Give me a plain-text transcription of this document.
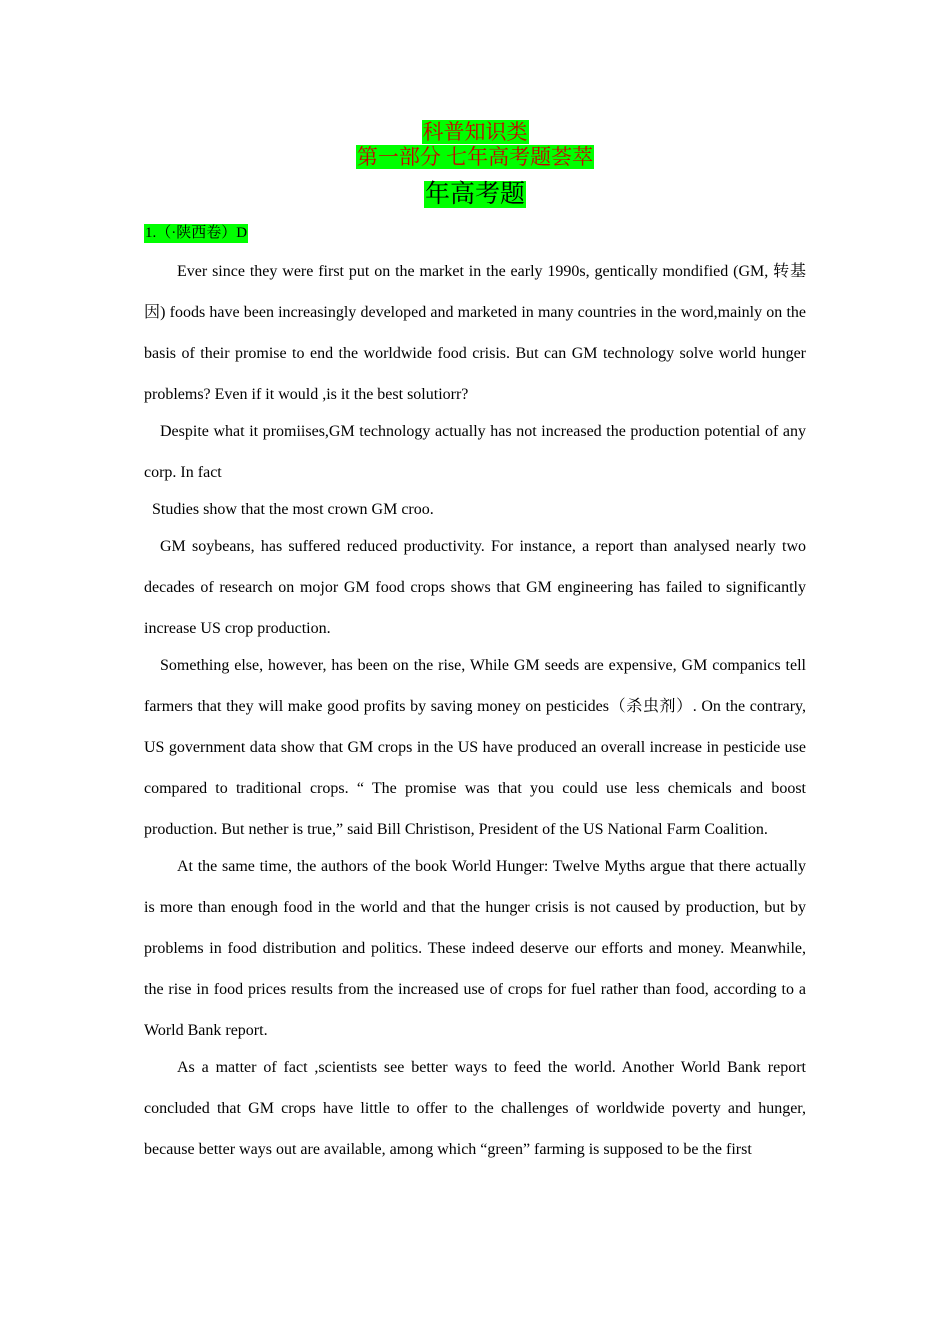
科普知识类
第一部分 七年高考题荟萃
年高考题
1.（·陕西卷）D

Ever since they were first put on the market in the early 1990s, gentically mondified (GM, 转基因) foods have been increasingly developed and marketed in many countries in the word,mainly on the basis of their promise to end the worldwide food crisis. But can GM technology solve world hunger problems? Even if it would ,is it the best solutiorr?

Despite what it promiises,GM technology actually has not increased the production potential of any corp. In fact

Studies show that the most crown GM croo.

GM soybeans, has suffered reduced productivity. For instance, a report than analysed nearly two decades of research on mojor GM food crops shows that GM engineering has failed to significantly increase US crop production.

Something else, however, has been on the rise, While GM seeds are expensive, GM companics tell farmers that they will make good profits by saving money on pesticides（杀虫剂）. On the contrary, US government data show that GM crops in the US have produced an overall increase in pesticide use compared to traditional crops. “ The promise was that you could use less chemicals and boost production. But nether is true,” said Bill Christison, President of the US National Farm Coalition.

At the same time, the authors of the book World Hunger: Twelve Myths argue that there actually is more than enough food in the world and that the hunger crisis is not caused by production, but by problems in food distribution and politics. These indeed deserve our efforts and money. Meanwhile, the rise in food prices results from the increased use of crops for fuel rather than food, according to a World Bank report.

As a matter of fact ,scientists see better ways to feed the world. Another World Bank report concluded that GM crops have little to offer to the challenges of worldwide poverty and hunger, because better ways out are available, among which “green” farming is supposed to be the first
